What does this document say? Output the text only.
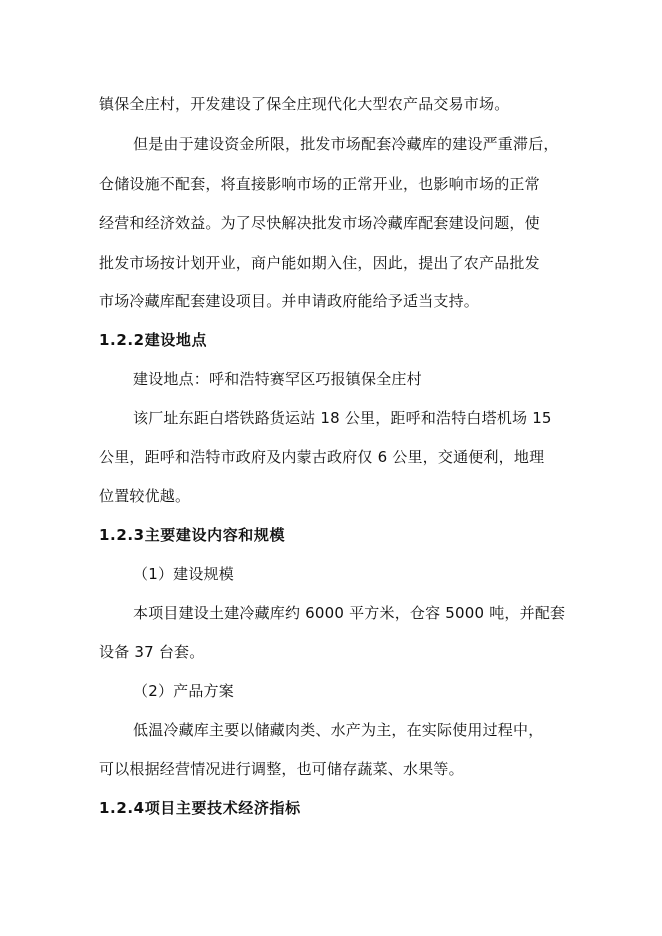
镇保全庄村，开发建设了保全庄现代化大型农产品交易市场。
但是由于建设资金所限，批发市场配套冷藏库的建设严重滞后，
仓储设施不配套，将直接影响市场的正常开业，也影响市场的正常
经营和经济效益。为了尽快解决批发市场冷藏库配套建设问题，使
批发市场按计划开业，商户能如期入住，因此，提出了农产品批发
市场冷藏库配套建设项目。并申请政府能给予适当支持。
1.2.2建设地点
建设地点：呼和浩特赛罕区巧报镇保全庄村
该厂址东距白塔铁路货运站 18 公里，距呼和浩特白塔机场 15
公里，距呼和浩特市政府及内蒙古政府仅 6 公里，交通便利，地理
位置较优越。
1.2.3主要建设内容和规模
（1）建设规模
本项目建设土建冷藏库约 6000 平方米，仓容 5000 吨，并配套
设备 37 台套。
（2）产品方案
低温冷藏库主要以储藏肉类、水产为主，在实际使用过程中，
可以根据经营情况进行调整，也可储存蔬菜、水果等。
1.2.4项目主要技术经济指标
